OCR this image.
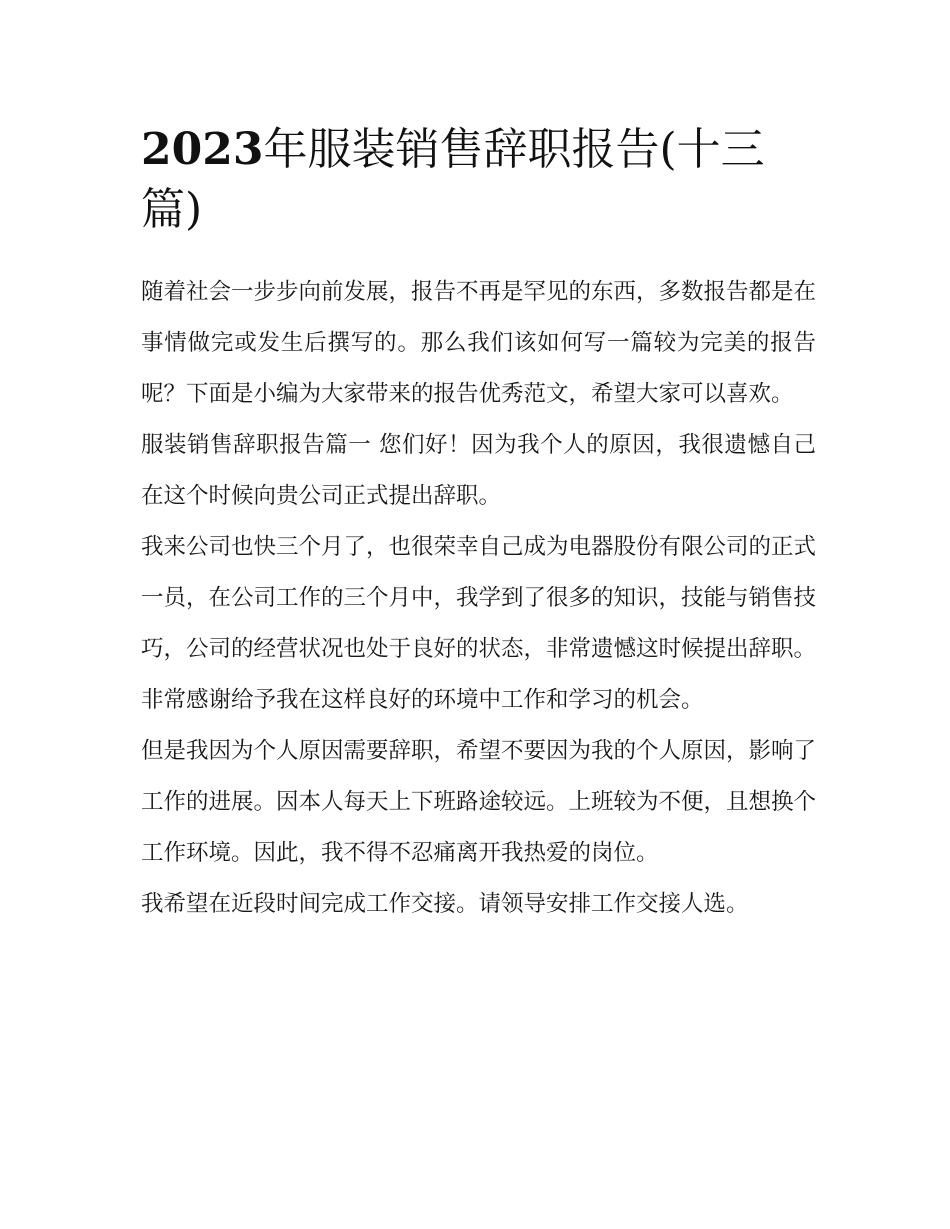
2023年服装销售辞职报告(十三篇)

随着社会一步步向前发展，报告不再是罕见的东西，多数报告都是在事情做完或发生后撰写的。那么我们该如何写一篇较为完美的报告呢？下面是小编为大家带来的报告优秀范文，希望大家可以喜欢。

服装销售辞职报告篇一 您们好！因为我个人的原因，我很遗憾自己在这个时候向贵公司正式提出辞职。

我来公司也快三个月了，也很荣幸自己成为电器股份有限公司的正式一员，在公司工作的三个月中，我学到了很多的知识，技能与销售技巧，公司的经营状况也处于良好的状态，非常遗憾这时候提出辞职。非常感谢给予我在这样良好的环境中工作和学习的机会。

但是我因为个人原因需要辞职，希望不要因为我的个人原因，影响了工作的进展。因本人每天上下班路途较远。上班较为不便，且想换个工作环境。因此，我不得不忍痛离开我热爱的岗位。

我希望在近段时间完成工作交接。请领导安排工作交接人选。
